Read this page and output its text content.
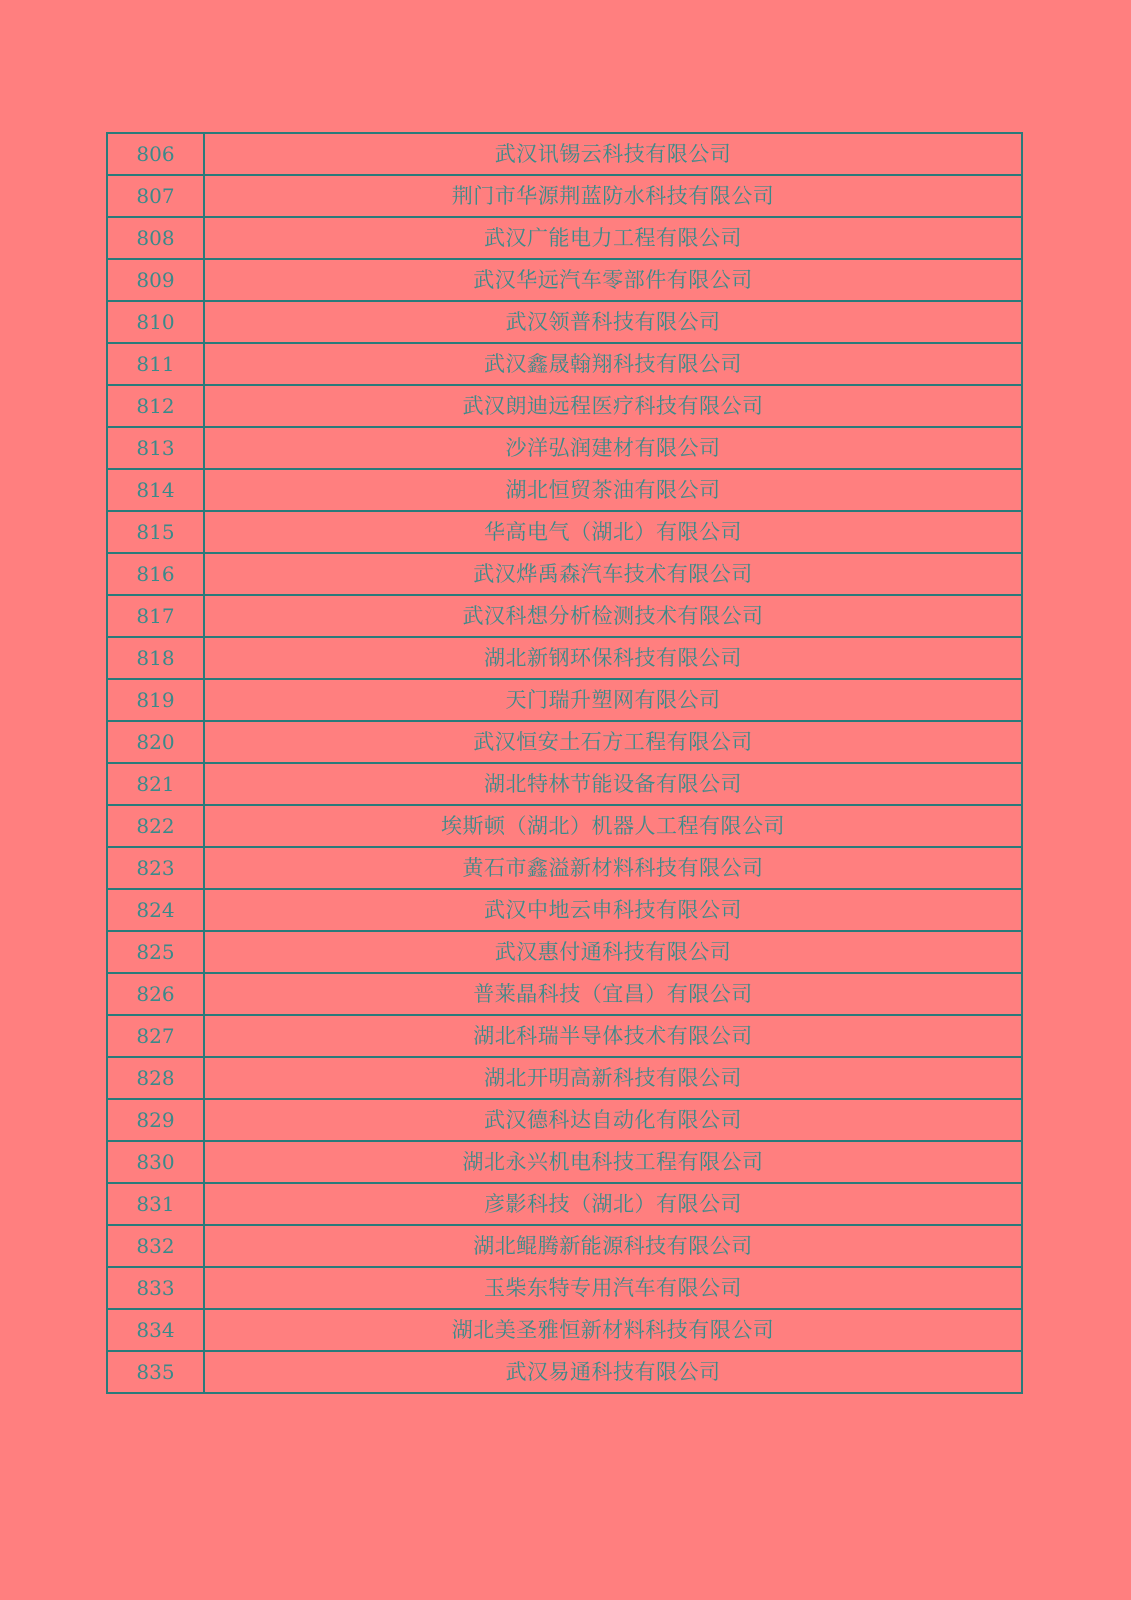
806	武汉讯锡云科技有限公司
807	荆门市华源荆蓝防水科技有限公司
808	武汉广能电力工程有限公司
809	武汉华远汽车零部件有限公司
810	武汉领普科技有限公司
811	武汉鑫晟翰翔科技有限公司
812	武汉朗迪远程医疗科技有限公司
813	沙洋弘润建材有限公司
814	湖北恒贸茶油有限公司
815	华高电气（湖北）有限公司
816	武汉烨禹森汽车技术有限公司
817	武汉科想分析检测技术有限公司
818	湖北新钢环保科技有限公司
819	天门瑞升塑网有限公司
820	武汉恒安土石方工程有限公司
821	湖北特林节能设备有限公司
822	埃斯顿（湖北）机器人工程有限公司
823	黄石市鑫溢新材料科技有限公司
824	武汉中地云申科技有限公司
825	武汉惠付通科技有限公司
826	普莱晶科技（宜昌）有限公司
827	湖北科瑞半导体技术有限公司
828	湖北开明高新科技有限公司
829	武汉德科达自动化有限公司
830	湖北永兴机电科技工程有限公司
831	彦影科技（湖北）有限公司
832	湖北鲲腾新能源科技有限公司
833	玉柴东特专用汽车有限公司
834	湖北美圣雅恒新材料科技有限公司
835	武汉易通科技有限公司
